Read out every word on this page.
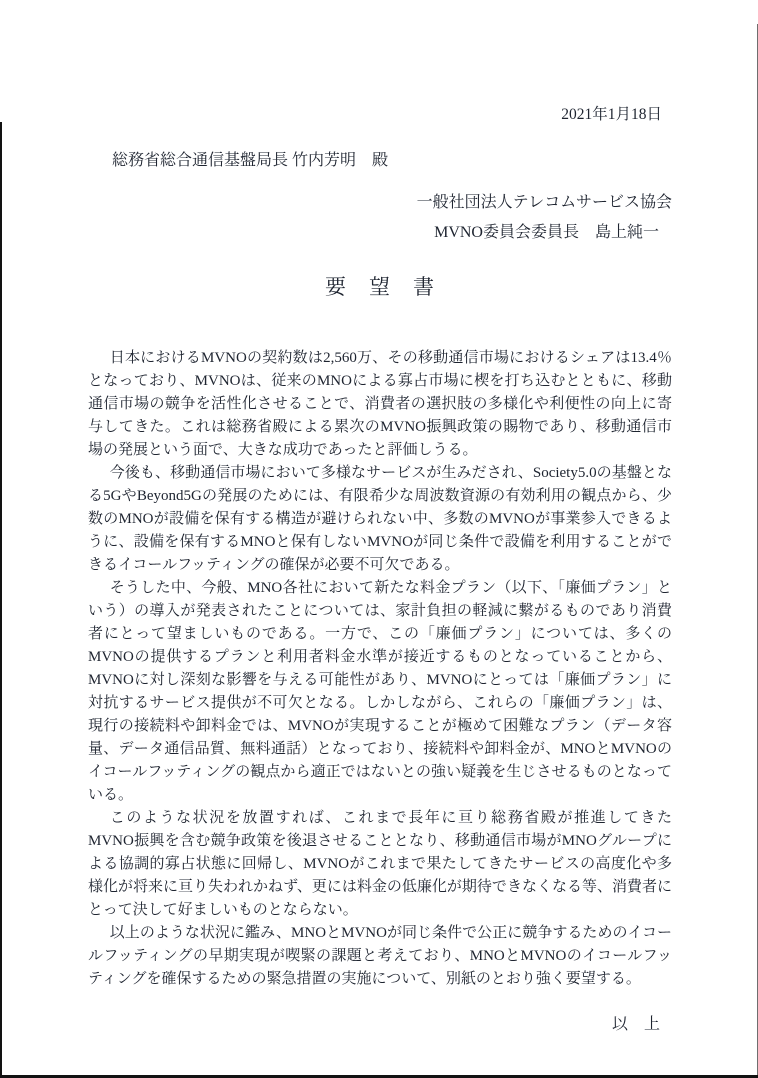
2021年1月18日
総務省総合通信基盤局長 竹内芳明　殿
一般社団法人テレコムサービス協会
MVNO委員会委員長　島上純一
要　望　書

日本におけるMVNOの契約数は2,560万、その移動通信市場におけるシェアは13.4％となっており、MVNOは、従来のMNOによる寡占市場に楔を打ち込むとともに、移動通信市場の競争を活性化させることで、消費者の選択肢の多様化や利便性の向上に寄与してきた。これは総務省殿による累次のMVNO振興政策の賜物であり、移動通信市場の発展という面で、大きな成功であったと評価しうる。

今後も、移動通信市場において多様なサービスが生みだされ、Society5.0の基盤となる5GやBeyond5Gの発展のためには、有限希少な周波数資源の有効利用の観点から、少数のMNOが設備を保有する構造が避けられない中、多数のMVNOが事業参入できるように、設備を保有するMNOと保有しないMVNOが同じ条件で設備を利用することができるイコールフッティングの確保が必要不可欠である。

そうした中、今般、MNO各社において新たな料金プラン（以下、「廉価プラン」という）の導入が発表されたことについては、家計負担の軽減に繋がるものであり消費者にとって望ましいものである。一方で、この「廉価プラン」については、多くのMVNOの提供するプランと利用者料金水準が接近するものとなっていることから、MVNOに対し深刻な影響を与える可能性があり、MVNOにとっては「廉価プラン」に対抗するサービス提供が不可欠となる。しかしながら、これらの「廉価プラン」は、現行の接続料や卸料金では、MVNOが実現することが極めて困難なプラン（データ容量、データ通信品質、無料通話）となっており、接続料や卸料金が、MNOとMVNOのイコールフッティングの観点から適正ではないとの強い疑義を生じさせるものとなっている。

このような状況を放置すれば、これまで長年に亘り総務省殿が推進してきた　MVNO振興を含む競争政策を後退させることとなり、移動通信市場がMNOグループによる協調的寡占状態に回帰し、MVNOがこれまで果たしてきたサービスの高度化や多様化が将来に亘り失われかねず、更には料金の低廉化が期待できなくなる等、消費者にとって決して好ましいものとならない。

以上のような状況に鑑み、MNOとMVNOが同じ条件で公正に競争するためのイコールフッティングの早期実現が喫緊の課題と考えており、MNOとMVNOのイコールフッティングを確保するための緊急措置の実施について、別紙のとおり強く要望する。

以　上
